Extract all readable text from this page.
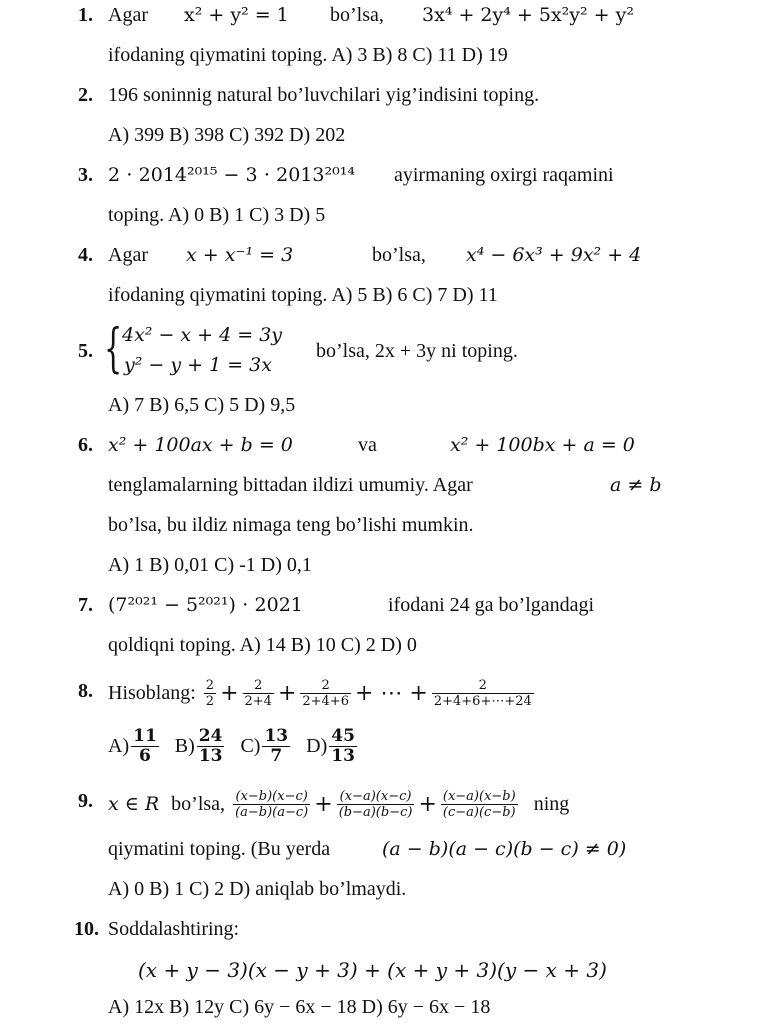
1. Agar x² + y² = 1 bo’lsa, 3x⁴ + 2y⁴ + 5x²y² + y²
ifodaning qiymatini toping. A) 3 B) 8 C) 11 D) 19
2. 196 soninnig natural bo’luvchilari yig’indisini toping.
A) 399 B) 398 C) 392 D) 202
3. 2 ⋅ 2014²⁰¹⁵ − 3 ⋅ 2013²⁰¹⁴ ayirmaning oxirgi raqamini
toping. A) 0 B) 1 C) 3 D) 5
4. Agar x + x⁻¹ = 3	bo’lsa, x⁴ − 6x³ + 9x² + 4
ifodaning qiymatini toping. A) 5 B) 6 C) 7 D) 11
5. { 4x² − x + 4 = 3y
y² − y + 1 = 3x
bo’lsa, 2x + 3y ni toping.
A) 7 B) 6,5 C) 5 D) 9,5
6. x² + 100ax + b = 0	va	x² + 100bx + a = 0
tenglamalarning bittadan ildizi umumiy. Agar	a ≠ b
bo’lsa, bu ildiz nimaga teng bo’lishi mumkin.
A) 1 B) 0,01 C) -1 D) 0,1
7. (7²⁰²¹ − 5²⁰²¹) ⋅ 2021	ifodani 24 ga bo’lgandagi
qoldiqni toping. A) 14 B) 10 C) 2 D) 0
8. Hisoblang: $\frac{2}{2} + \frac{2}{2+4} + \frac{2}{2+4+6}$ + ⋯ + $\frac{2}{2+4+6+\cdots+24}$
$A) \frac{11}{6} B) \frac{24}{13} C) \frac{13}{7} D) \frac{45}{13}$
9. x ∈ R bo’lsa, $\frac{(x-b)(x-c)}{(a-b)(a-c)} + \frac{(x-a)(x-c)}{(b-a)(b-c)} + \frac{(x-a)(x-b)}{(c-a)(c-b)}$ ning
qiymatini toping. (Bu yerda	(a − b)(a − c)(b − c) ≠ 0)
A) 0 B) 1 C) 2 D) aniqlab bo’lmaydi.
10. Soddalashtiring:
(x + y − 3)(x − y + 3) + (x + y + 3)(y − x + 3)
A) 12x B) 12y C) 6y − 6x − 18 D) 6y − 6x − 18
